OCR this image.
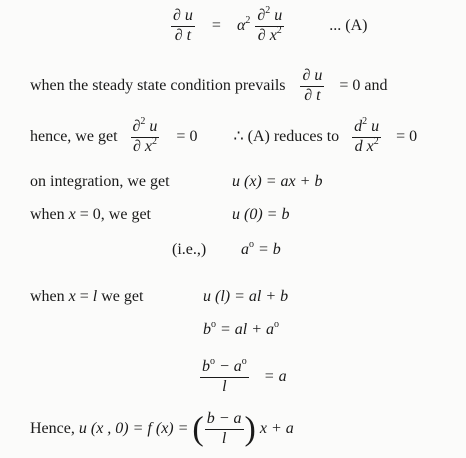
$\frac{\partial u}{\partial t} = \alpha^2 \frac{\partial^2 u}{\partial x^2}$	... (A)
when the steady state condition prevails $\frac{\partial u}{\partial t} = 0$ and
hence, we get $\frac{\partial^2 u}{\partial x^2} = 0$ ∴ (A) reduces to $\frac{d^2 u}{d x^2} = 0$
on integration, we get	u (x) = ax + b
when x = 0, we get	u (0) = b
(i.e.,) $a^o = b$
when x = l we get	u (l) = al + b
$b^o$ = al + $a^o$
$\frac{b^o - a^o}{l} = a$
Hence, u (x , 0) = f (x) = ( $\frac{b - a}{l}$ ) x + a
